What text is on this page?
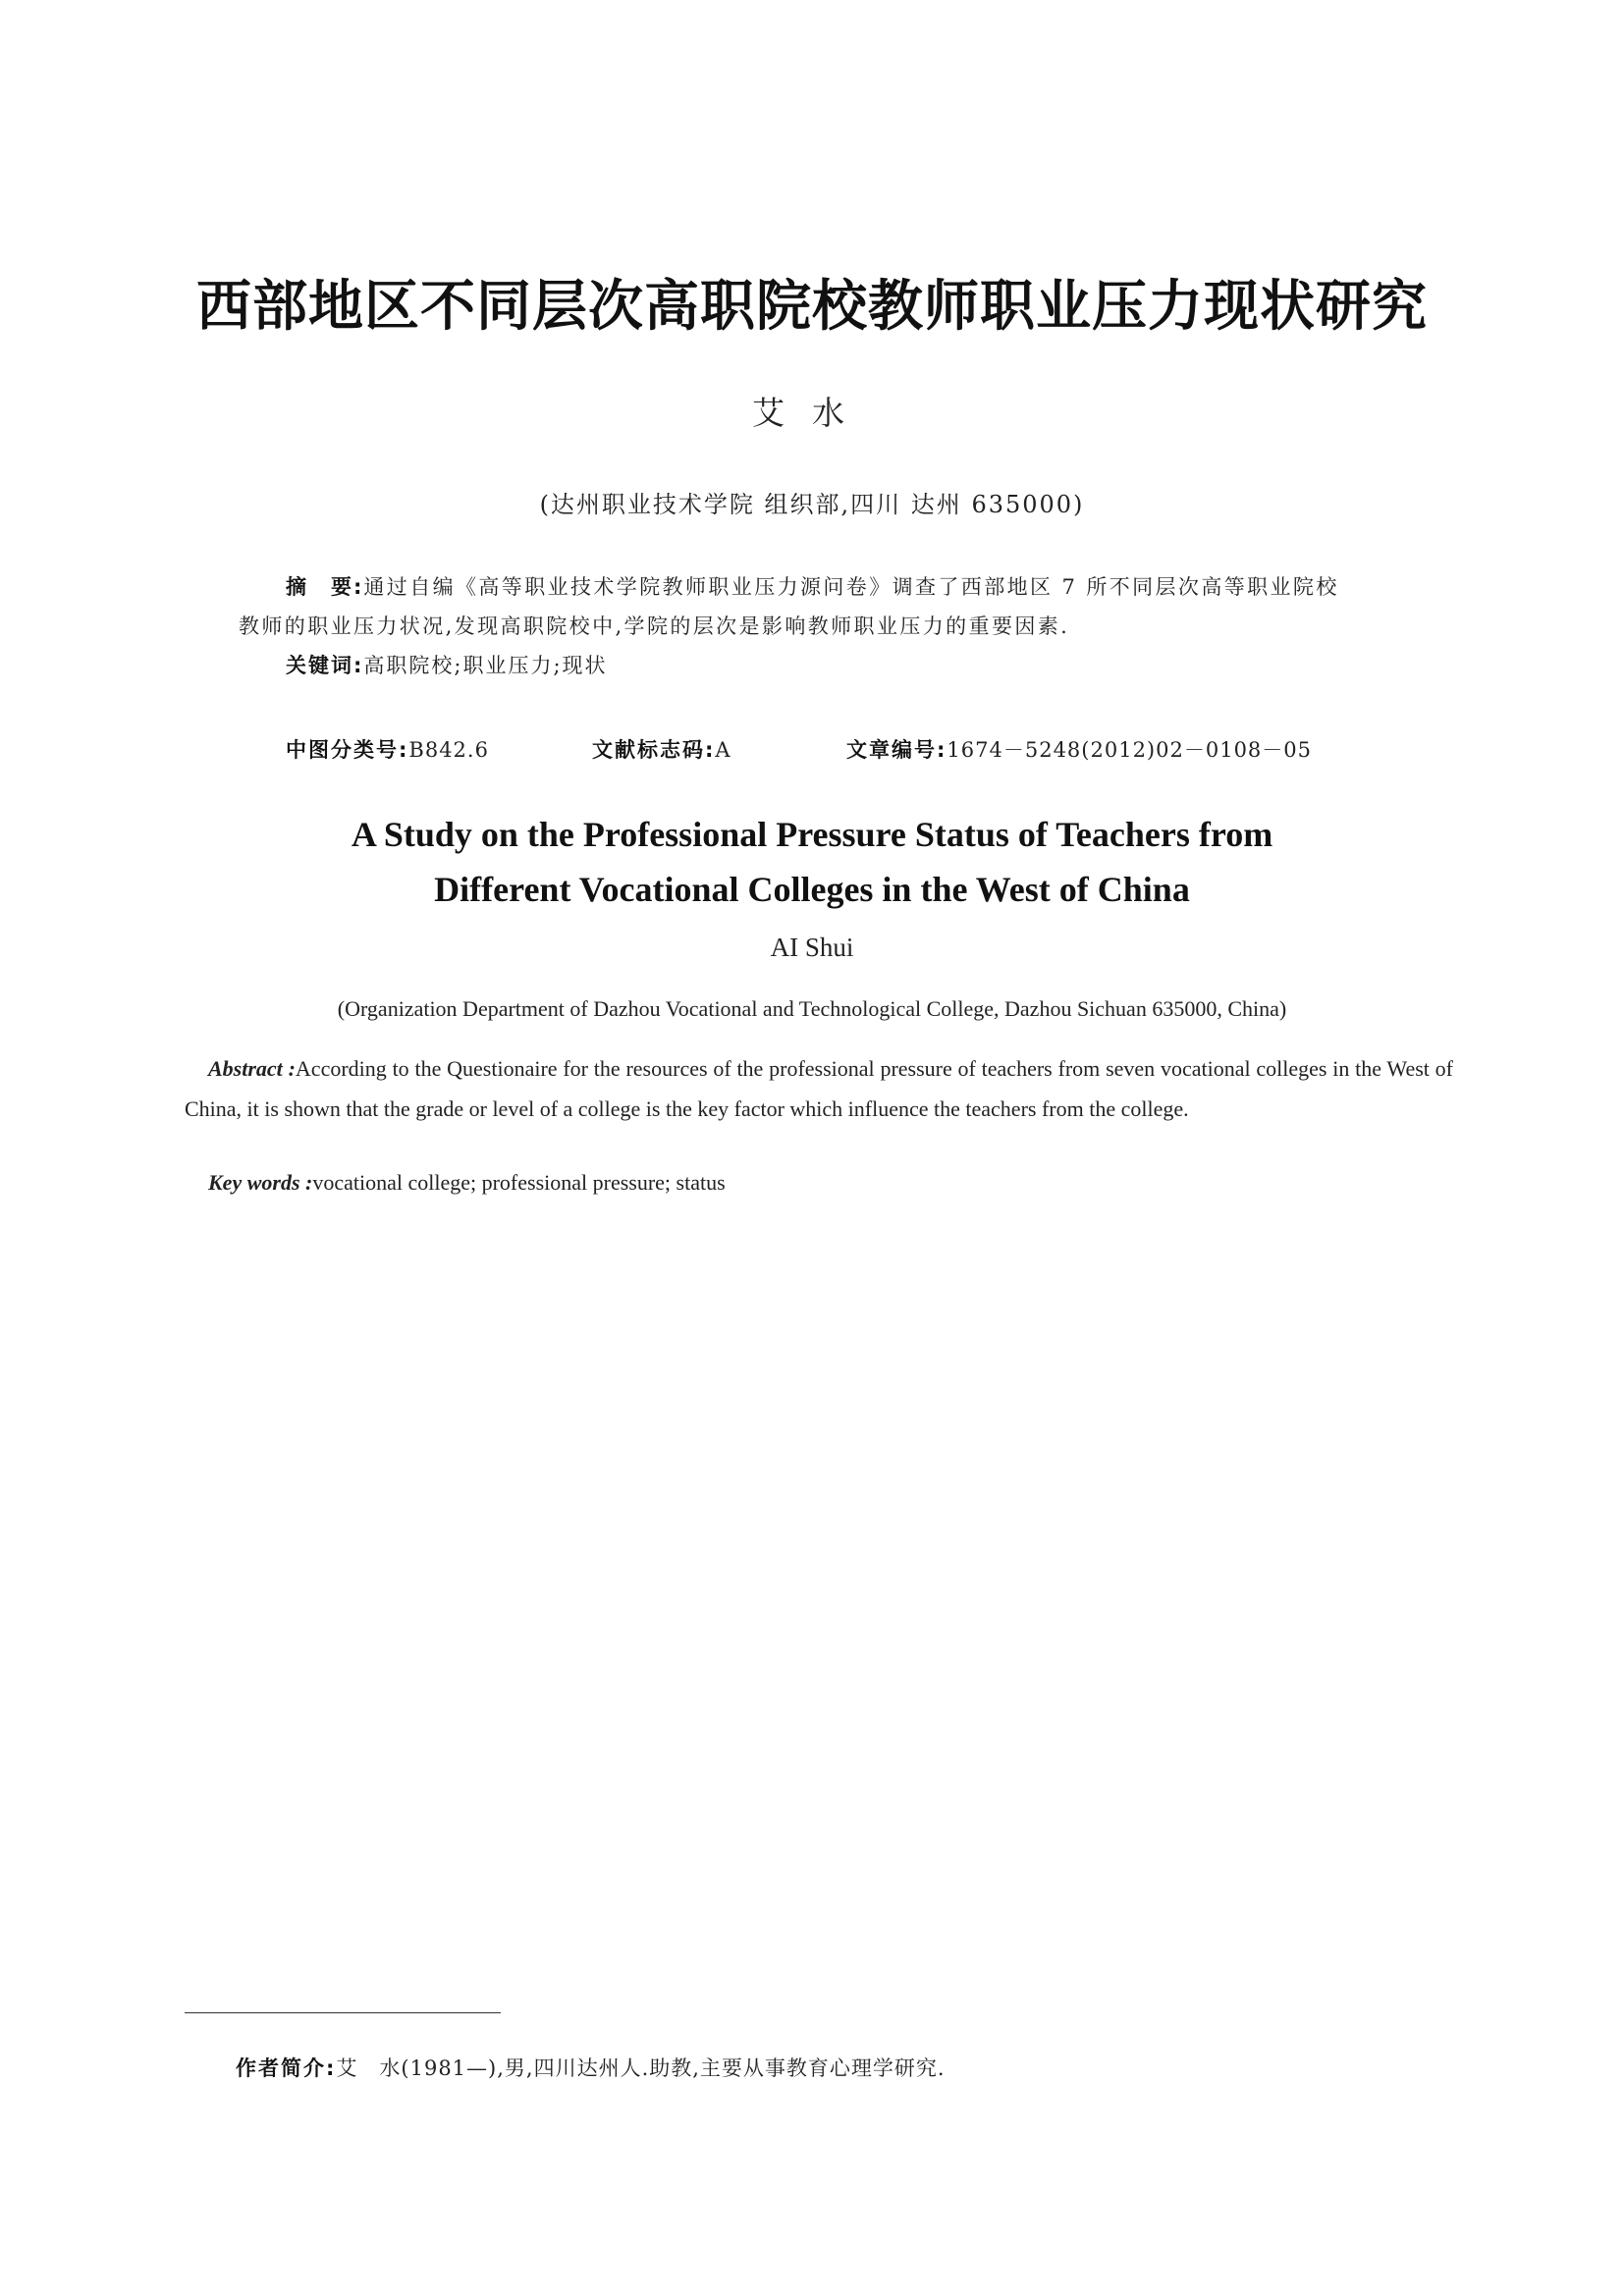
西部地区不同层次高职院校教师职业压力现状研究
艾水
(达州职业技术学院 组织部,四川 达州 635000)
摘　要:通过自编《高等职业技术学院教师职业压力源问卷》调查了西部地区 7 所不同层次高等职业院校
教师的职业压力状况,发现高职院校中,学院的层次是影响教师职业压力的重要因素.
关键词:高职院校;职业压力;现状
中图分类号:B842.6	文献标志码:A	文章编号:1674－5248(2012)02－0108－05
A Study on the Professional Pressure Status of Teachers from
Different Vocational Colleges in the West of China
AI Shui
(Organization Department of Dazhou Vocational and Technological College, Dazhou Sichuan 635000, China)
Abstract :According to the Questionaire for the resources of the professional pressure of teachers from seven vocational colleges in the West of China, it is shown that the grade or level of a college is the key factor which influence the teachers from the college.
Key words :vocational college; professional pressure; status
作者简介:艾　水(1981—),男,四川达州人.助教,主要从事教育心理学研究.
